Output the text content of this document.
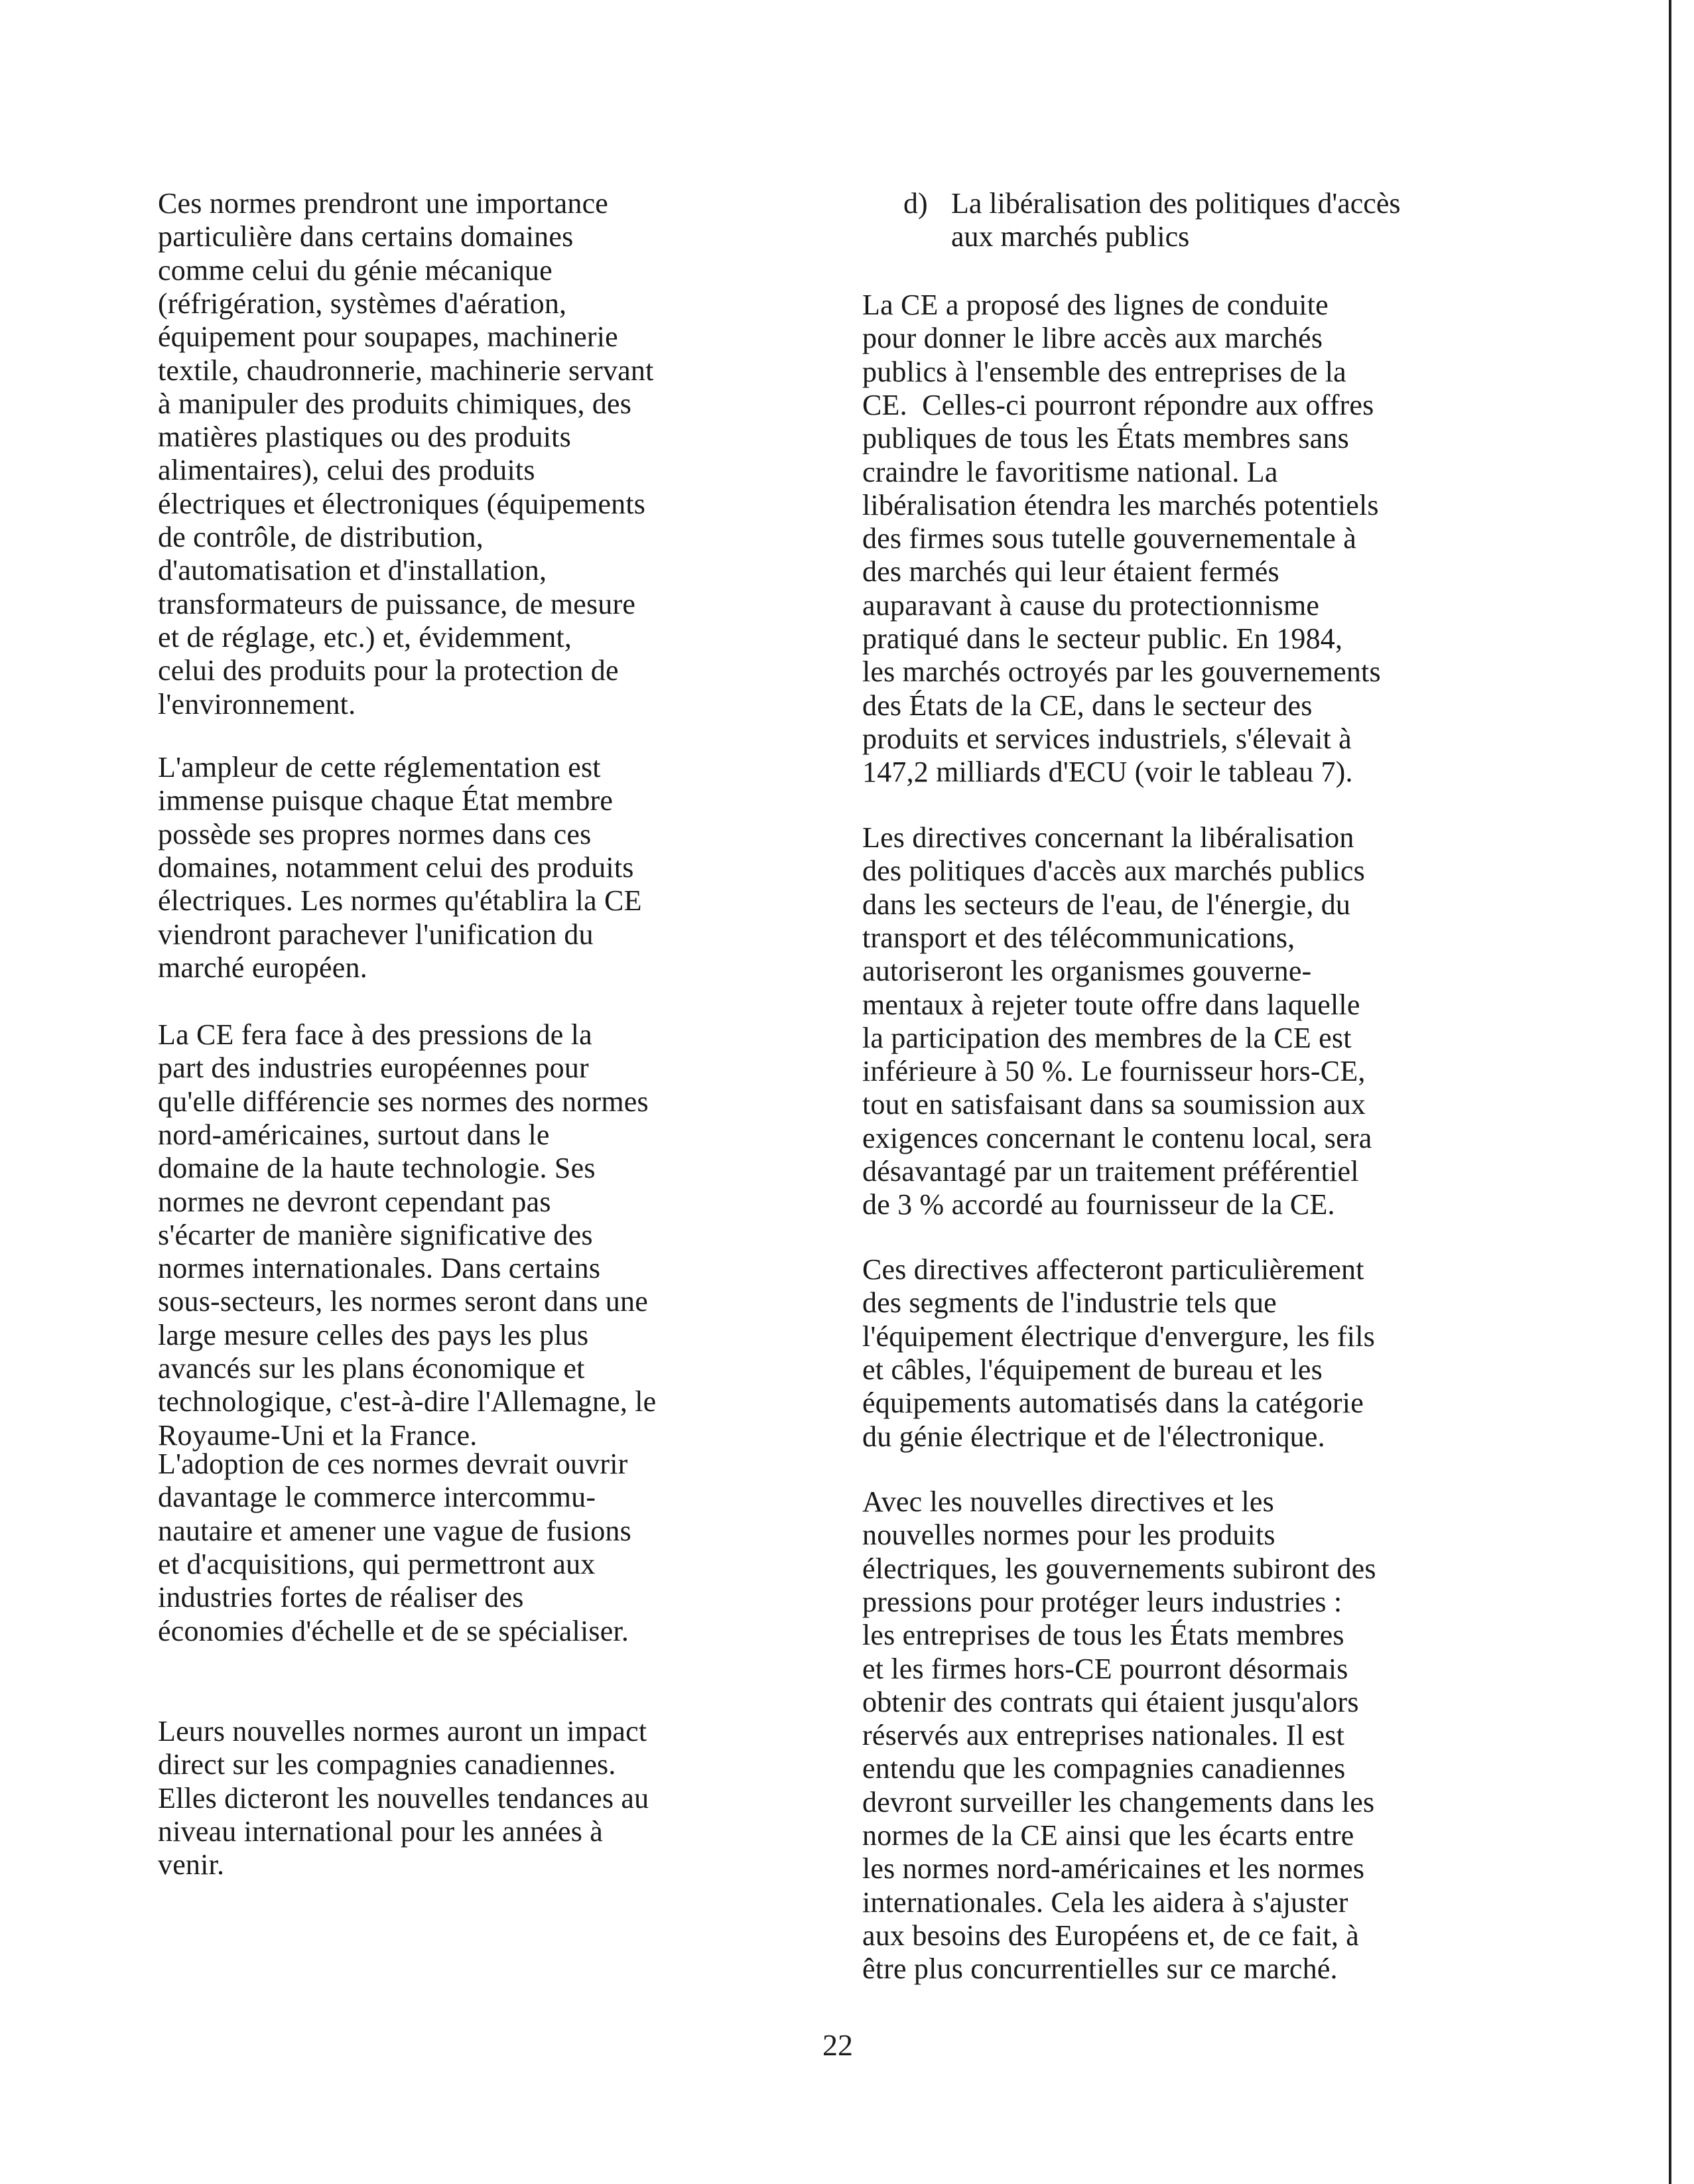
Ces normes prendront une importance
particulière dans certains domaines
comme celui du génie mécanique
(réfrigération, systèmes d'aération,
équipement pour soupapes, machinerie
textile, chaudronnerie, machinerie servant
à manipuler des produits chimiques, des
matières plastiques ou des produits
alimentaires), celui des produits
électriques et électroniques (équipements
de contrôle, de distribution,
d'automatisation et d'installation,
transformateurs de puissance, de mesure
et de réglage, etc.) et, évidemment,
celui des produits pour la protection de
l'environnement.
L'ampleur de cette réglementation est
immense puisque chaque État membre
possède ses propres normes dans ces
domaines, notamment celui des produits
électriques. Les normes qu'établira la CE
viendront parachever l'unification du
marché européen.
La CE fera face à des pressions de la
part des industries européennes pour
qu'elle différencie ses normes des normes
nord-américaines, surtout dans le
domaine de la haute technologie. Ses
normes ne devront cependant pas
s'écarter de manière significative des
normes internationales. Dans certains
sous-secteurs, les normes seront dans une
large mesure celles des pays les plus
avancés sur les plans économique et
technologique, c'est-à-dire l'Allemagne, le
Royaume-Uni et la France.
L'adoption de ces normes devrait ouvrir
davantage le commerce intercommu-
nautaire et amener une vague de fusions
et d'acquisitions, qui permettront aux
industries fortes de réaliser des
économies d'échelle et de se spécialiser.
Leurs nouvelles normes auront un impact
direct sur les compagnies canadiennes.
Elles dicteront les nouvelles tendances au
niveau international pour les années à
venir.
d) La libéralisation des politiques d'accès
aux marchés publics
La CE a proposé des lignes de conduite
pour donner le libre accès aux marchés
publics à l'ensemble des entreprises de la
CE.  Celles-ci pourront répondre aux offres
publiques de tous les États membres sans
craindre le favoritisme national. La
libéralisation étendra les marchés potentiels
des firmes sous tutelle gouvernementale à
des marchés qui leur étaient fermés
auparavant à cause du protectionnisme
pratiqué dans le secteur public. En 1984,
les marchés octroyés par les gouvernements
des États de la CE, dans le secteur des
produits et services industriels, s'élevait à
147,2 milliards d'ECU (voir le tableau 7).
Les directives concernant la libéralisation
des politiques d'accès aux marchés publics
dans les secteurs de l'eau, de l'énergie, du
transport et des télécommunications,
autoriseront les organismes gouverne-
mentaux à rejeter toute offre dans laquelle
la participation des membres de la CE est
inférieure à 50 %. Le fournisseur hors-CE,
tout en satisfaisant dans sa soumission aux
exigences concernant le contenu local, sera
désavantagé par un traitement préférentiel
de 3 % accordé au fournisseur de la CE.
Ces directives affecteront particulièrement
des segments de l'industrie tels que
l'équipement électrique d'envergure, les fils
et câbles, l'équipement de bureau et les
équipements automatisés dans la catégorie
du génie électrique et de l'électronique.
Avec les nouvelles directives et les
nouvelles normes pour les produits
électriques, les gouvernements subiront des
pressions pour protéger leurs industries :
les entreprises de tous les États membres
et les firmes hors-CE pourront désormais
obtenir des contrats qui étaient jusqu'alors
réservés aux entreprises nationales. Il est
entendu que les compagnies canadiennes
devront surveiller les changements dans les
normes de la CE ainsi que les écarts entre
les normes nord-américaines et les normes
internationales. Cela les aidera à s'ajuster
aux besoins des Européens et, de ce fait, à
être plus concurrentielles sur ce marché.
22
